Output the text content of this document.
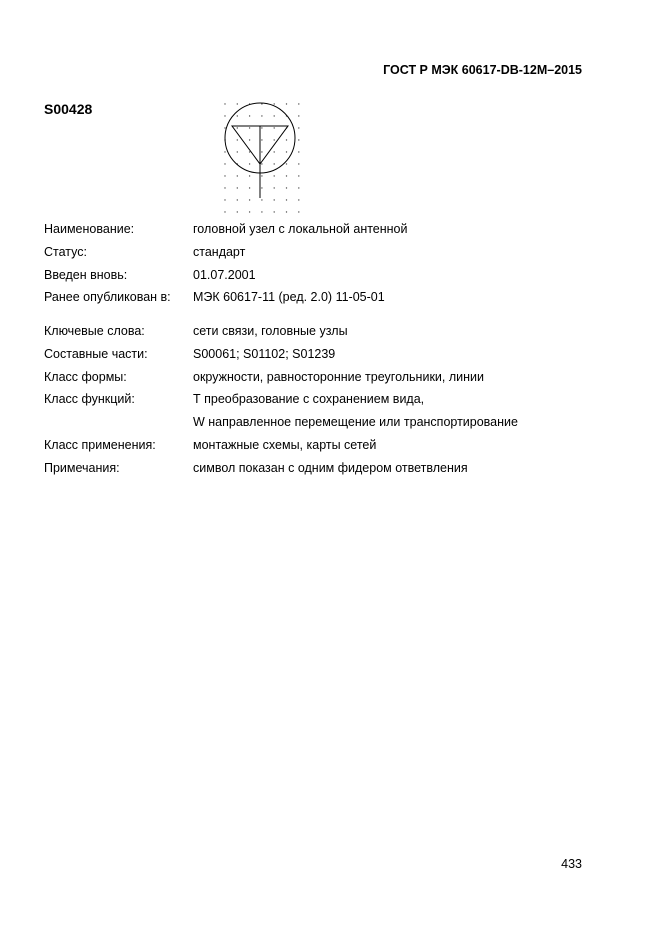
ГОСТ Р МЭК 60617-DB-12M–2015
S00428
Наименование:	головной узел с локальной антенной
Статус:	стандарт
Введен вновь:	01.07.2001
Ранее опубликован в:	МЭК 60617-11 (ред. 2.0) 11-05-01
Ключевые слова:	сети связи, головные узлы
Составные части:	S00061; S01102; S01239
Класс формы:	окружности, равносторонние треугольники, линии
Класс функций:	Т преобразование с сохранением вида,
W направленное перемещение или транспортирование
Класс применения:	монтажные схемы, карты сетей
Примечания:	символ показан с одним фидером ответвления
433
